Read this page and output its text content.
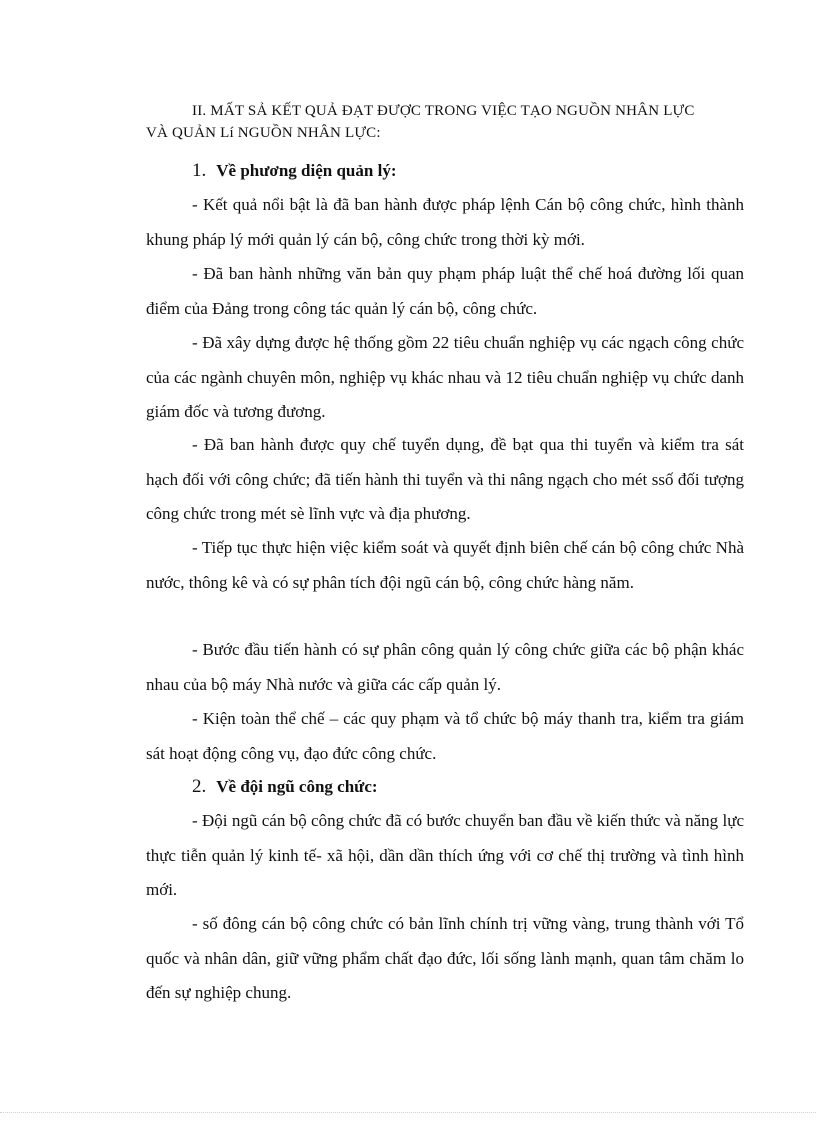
II. MẤT SẢ KẾT QUẢ ĐẠT ĐƯỢC TRONG VIỆC TẠO NGUỒN NHÂN LỰC
VÀ QUẢN Lí NGUỒN NHÂN LỰC:
1. Về phương diện quản lý:

- Kết quả nổi bật là đã ban hành được pháp lệnh Cán bộ công chức, hình thành khung pháp lý mới quản lý cán bộ, công chức trong thời kỳ mới.

- Đã ban hành những văn bản quy phạm pháp luật thể chế hoá đường lối quan điểm của Đảng trong công tác quản lý cán bộ, công chức.

- Đã xây dựng được hệ thống gồm 22 tiêu chuẩn nghiệp vụ các ngạch công chức của các ngành chuyên môn, nghiệp vụ khác nhau và 12 tiêu chuẩn nghiệp vụ chức danh giám đốc và tương đương.

- Đã ban hành được quy chế tuyển dụng, đề bạt qua thi tuyển và kiểm tra sát hạch đối với công chức; đã tiến hành thi tuyển và thi nâng ngạch cho mét ssố đối tượng công chức trong mét sè lĩnh vực và địa phương.

- Tiếp tục thực hiện việc kiểm soát và quyết định biên chế cán bộ công chức Nhà nước, thông kê và có sự phân tích đội ngũ cán bộ, công chức hàng năm.

- Bước đầu tiến hành có sự phân công quản lý công chức giữa các bộ phận khác nhau của bộ máy Nhà nước và giữa các cấp quản lý.

- Kiện toàn thể chế – các quy phạm và tổ chức bộ máy thanh tra, kiểm tra giám sát hoạt động công vụ, đạo đức công chức.

2. Về đội ngũ công chức:

- Đội ngũ cán bộ công chức đã có bước chuyển ban đầu về kiến thức và năng lực thực tiễn quản lý kinh tế- xã hội, dần dần thích ứng với cơ chế thị trường và tình hình mới.

- số đông cán bộ công chức có bản lĩnh chính trị vững vàng, trung thành với Tổ quốc và nhân dân, giữ vững phẩm chất đạo đức, lối sống lành mạnh, quan tâm chăm lo đến sự nghiệp chung.
